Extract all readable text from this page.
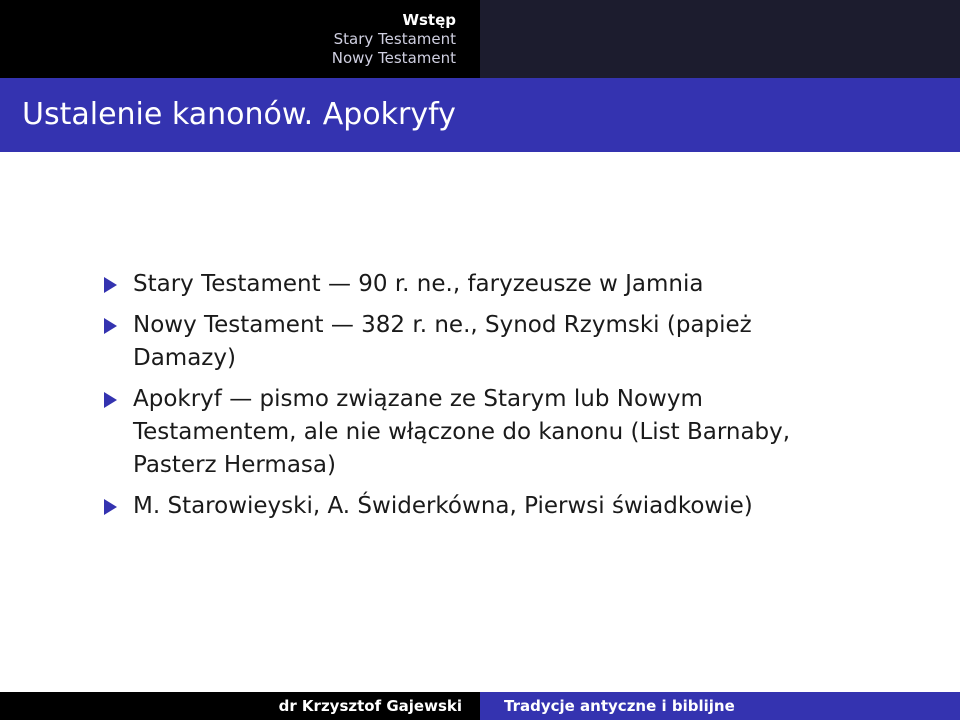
Wstęp
Stary Testament
Nowy Testament
Ustalenie kanonów. Apokryfy
Stary Testament — 90 r. ne., faryzeusze w Jamnia
Nowy Testament — 382 r. ne., Synod Rzymski (papież Damazy)
Apokryf — pismo związane ze Starym lub Nowym Testamentem, ale nie włączone do kanonu (List Barnaby, Pasterz Hermasa)
M. Starowieyski, A. Świderkówna, Pierwsi świadkowie)
dr Krzysztof Gajewski	Tradycje antyczne i biblijne
